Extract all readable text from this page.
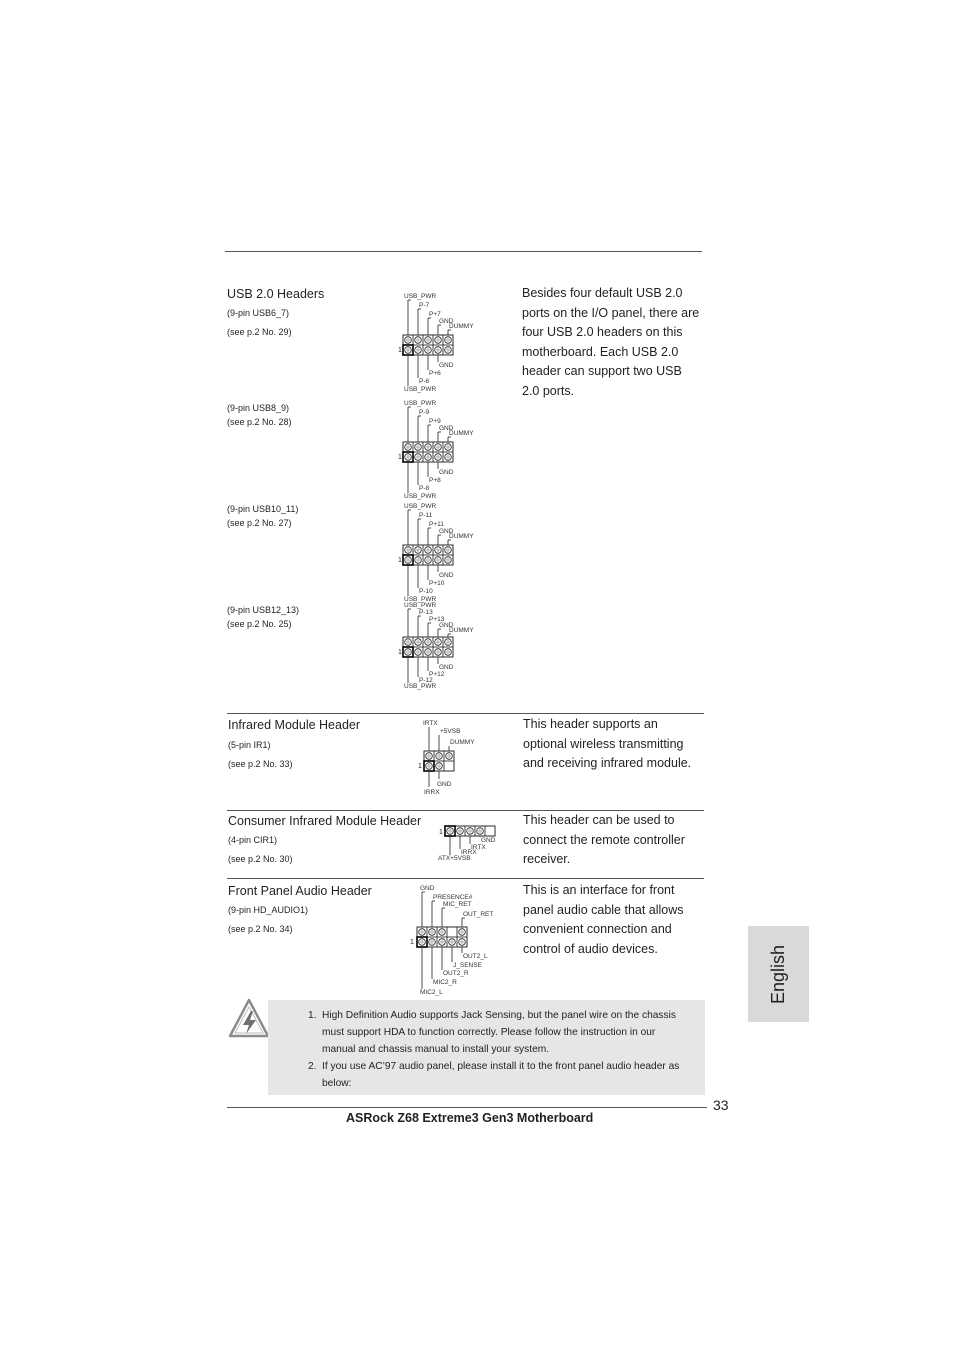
USB 2.0 Headers	Besides four default USB 2.0 ports on the I/O panel, there are four USB 2.0 headers on this motherboard. Each USB 2.0 header can support two USB 2.0 ports.
(9-pin USB6_7)
(see p.2 No. 29)
(9-pin USB8_9)
(see p.2 No. 28)
(9-pin USB10_11)
(see p.2 No. 27)
(9-pin USB12_13)
(see p.2 No. 25)
1
USB_PWR
P-7
P+7
GND
DUMMY
GND
P+6
P-6
USB_PWR
1
USB_PWR
P-9
P+9
GND
DUMMY
GND
P+8
P-8
USB_PWR
1
USB_PWR
P-11
P+11
GND
DUMMY
GND
P+10
P-10
USB_PWR
1
USB_PWR
P-13
P+13
GND
DUMMY
GND
P+12
P-12
USB_PWR
Infrared Module Header
(5-pin IR1)
(see p.2 No. 33)
This header supports an optional wireless transmitting and receiving infrared module.
1
IRTX
+5VSB
DUMMY
GND
IRRX
Consumer Infrared Module Header
(4-pin CIR1)
(see p.2 No. 30)
This header can be used to connect the remote controller receiver.
1
GND
IRTX
IRRX
ATX+5VSB
Front Panel Audio Header
(9-pin HD_AUDIO1)
(see p.2 No. 34)
This is an interface for front panel audio cable that allows convenient connection and control of audio devices.
1
GND
PRESENCE#
MIC_RET
OUT_RET
OUT2_L
J_SENSE
OUT2_R
MIC2_R
MIC2_L
1. High Definition Audio supports Jack Sensing, but the panel wire on the chassis must support HDA to function correctly. Please follow the instruction in our manual and chassis manual to install your system.
2. If you use AC’97 audio panel, please install it to the front panel audio header as below:
English
33
ASRock Z68 Extreme3 Gen3 Motherboard
